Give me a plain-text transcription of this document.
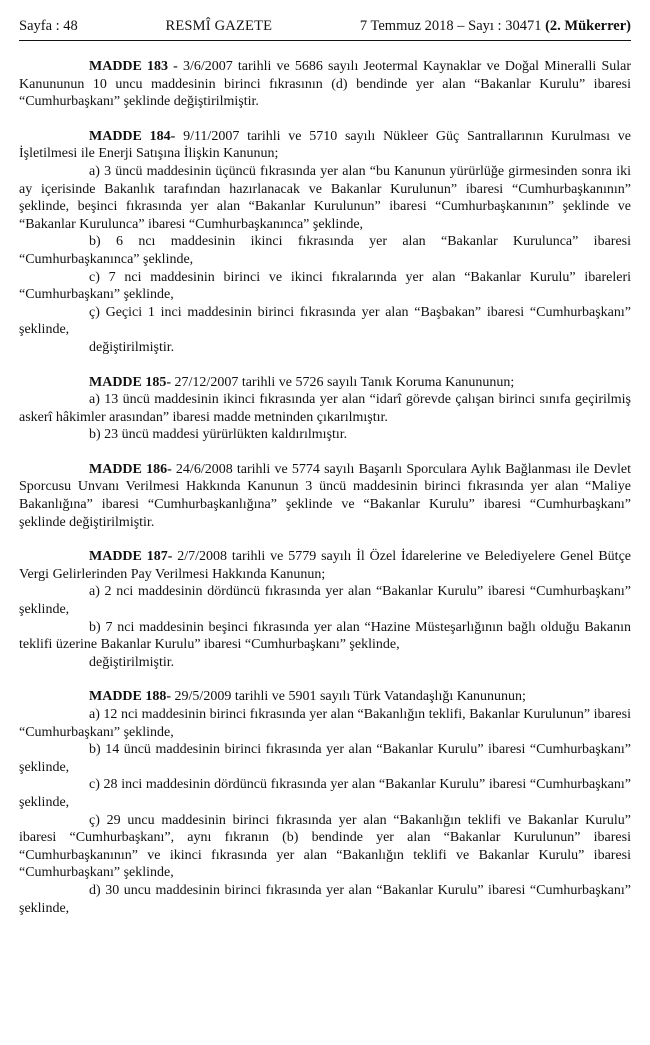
Sayfa : 48	RESMÎ GAZETE	7 Temmuz 2018 – Sayı : 30471 (2. Mükerrer)

MADDE 183 - 3/6/2007 tarihli ve 5686 sayılı Jeotermal Kaynaklar ve Doğal Mineralli Sular Kanununun 10 uncu maddesinin birinci fıkrasının (d) bendinde yer alan “Bakanlar Kurulu” ibaresi “Cumhurbaşkanı” şeklinde değiştirilmiştir.

MADDE 184- 9/11/2007 tarihli ve 5710 sayılı Nükleer Güç Santrallarının Kurulması ve İşletilmesi ile Enerji Satışına İlişkin Kanunun;

a) 3 üncü maddesinin üçüncü fıkrasında yer alan “bu Kanunun yürürlüğe girmesinden sonra iki ay içerisinde Bakanlık tarafından hazırlanacak ve Bakanlar Kurulunun” ibaresi “Cumhurbaşkanının” şeklinde, beşinci fıkrasında yer alan “Bakanlar Kurulunun” ibaresi “Cumhurbaşkanının” şeklinde ve “Bakanlar Kurulunca” ibaresi “Cumhurbaşkanınca” şeklinde,

b) 6 ncı maddesinin ikinci fıkrasında yer alan “Bakanlar Kurulunca” ibaresi “Cumhurbaşkanınca” şeklinde,

c) 7 nci maddesinin birinci ve ikinci fıkralarında yer alan “Bakanlar Kurulu” ibareleri “Cumhurbaşkanı” şeklinde,

ç) Geçici 1 inci maddesinin birinci fıkrasında yer alan “Başbakan” ibaresi “Cumhurbaşkanı” şeklinde,

değiştirilmiştir.

MADDE 185- 27/12/2007 tarihli ve 5726 sayılı Tanık Koruma Kanununun;

a) 13 üncü maddesinin ikinci fıkrasında yer alan “idarî görevde çalışan birinci sınıfa geçirilmiş askerî hâkimler arasından” ibaresi madde metninden çıkarılmıştır.

b) 23 üncü maddesi yürürlükten kaldırılmıştır.

MADDE 186- 24/6/2008 tarihli ve 5774 sayılı Başarılı Sporculara Aylık Bağlanması ile Devlet Sporcusu Unvanı Verilmesi Hakkında Kanunun 3 üncü maddesinin birinci fıkrasında yer alan “Maliye Bakanlığına” ibaresi “Cumhurbaşkanlığına” şeklinde ve “Bakanlar Kurulu” ibaresi “Cumhurbaşkanı” şeklinde değiştirilmiştir.

MADDE 187- 2/7/2008 tarihli ve 5779 sayılı İl Özel İdarelerine ve Belediyelere Genel Bütçe Vergi Gelirlerinden Pay Verilmesi Hakkında Kanunun;

a) 2 nci maddesinin dördüncü fıkrasında yer alan “Bakanlar Kurulu” ibaresi “Cumhurbaşkanı” şeklinde,

b) 7 nci maddesinin beşinci fıkrasında yer alan “Hazine Müsteşarlığının bağlı olduğu Bakanın teklifi üzerine Bakanlar Kurulu” ibaresi “Cumhurbaşkanı” şeklinde,

değiştirilmiştir.

MADDE 188- 29/5/2009 tarihli ve 5901 sayılı Türk Vatandaşlığı Kanununun;

a) 12 nci maddesinin birinci fıkrasında yer alan “Bakanlığın teklifi, Bakanlar Kurulunun” ibaresi “Cumhurbaşkanı” şeklinde,

b) 14 üncü maddesinin birinci fıkrasında yer alan “Bakanlar Kurulu” ibaresi “Cumhurbaşkanı” şeklinde,

c) 28 inci maddesinin dördüncü fıkrasında yer alan “Bakanlar Kurulu” ibaresi “Cumhurbaşkanı” şeklinde,

ç) 29 uncu maddesinin birinci fıkrasında yer alan “Bakanlığın teklifi ve Bakanlar Kurulu” ibaresi “Cumhurbaşkanı”, aynı fıkranın (b) bendinde yer alan “Bakanlar Kurulunun” ibaresi “Cumhurbaşkanının” ve ikinci fıkrasında yer alan “Bakanlığın teklifi ve Bakanlar Kurulu” ibaresi “Cumhurbaşkanı” şeklinde,

d) 30 uncu maddesinin birinci fıkrasında yer alan “Bakanlar Kurulu” ibaresi “Cumhurbaşkanı” şeklinde,
